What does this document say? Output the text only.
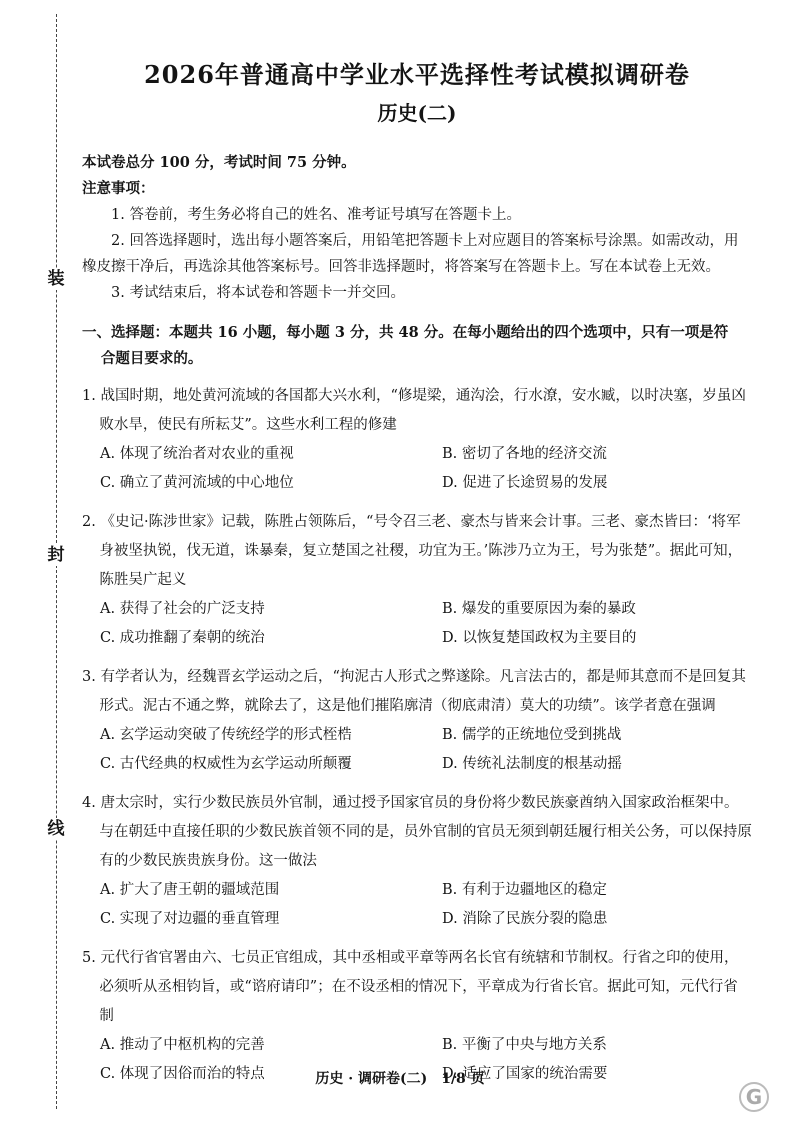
装
封
线
2026年普通高中学业水平选择性考试模拟调研卷
历史(二)
本试卷总分 100 分，考试时间 75 分钟。
注意事项：
1. 答卷前，考生务必将自己的姓名、准考证号填写在答题卡上。
2. 回答选择题时，选出每小题答案后，用铅笔把答题卡上对应题目的答案标号涂黑。如需改动，用橡皮擦干净后，再选涂其他答案标号。回答非选择题时，将答案写在答题卡上。写在本试卷上无效。
3. 考试结束后，将本试卷和答题卡一并交回。
一、选择题：本题共 16 小题，每小题 3 分，共 48 分。在每小题给出的四个选项中，只有一项是符
合题目要求的。
1. 战国时期，地处黄河流域的各国都大兴水利，“修堤梁，通沟浍，行水潦，安水臧，以时决塞，岁虽凶败水旱，使民有所耘艾”。这些水利工程的修建
A. 体现了统治者对农业的重视	B. 密切了各地的经济交流
C. 确立了黄河流域的中心地位	D. 促进了长途贸易的发展
2. 《史记·陈涉世家》记载，陈胜占领陈后，“号令召三老、豪杰与皆来会计事。三老、豪杰皆曰：‘将军身被坚执锐，伐无道，诛暴秦，复立楚国之社稷，功宜为王。’陈涉乃立为王，号为张楚”。据此可知，陈胜吴广起义
A. 获得了社会的广泛支持	B. 爆发的重要原因为秦的暴政
C. 成功推翻了秦朝的统治	D. 以恢复楚国政权为主要目的
3. 有学者认为，经魏晋玄学运动之后，“拘泥古人形式之弊遂除。凡言法古的，都是师其意而不是回复其形式。泥古不通之弊，就除去了，这是他们摧陷廓清（彻底肃清）莫大的功绩”。该学者意在强调
A. 玄学运动突破了传统经学的形式桎梏	B. 儒学的正统地位受到挑战
C. 古代经典的权威性为玄学运动所颠覆	D. 传统礼法制度的根基动摇
4. 唐太宗时，实行少数民族员外官制，通过授予国家官员的身份将少数民族豪酋纳入国家政治框架中。与在朝廷中直接任职的少数民族首领不同的是，员外官制的官员无须到朝廷履行相关公务，可以保持原有的少数民族贵族身份。这一做法
A. 扩大了唐王朝的疆域范围	B. 有利于边疆地区的稳定
C. 实现了对边疆的垂直管理	D. 消除了民族分裂的隐患
5. 元代行省官署由六、七员正官组成，其中丞相或平章等两名长官有统辖和节制权。行省之印的使用，必须听从丞相钧旨，或“谘府请印”；在不设丞相的情况下，平章成为行省长官。据此可知，元代行省制
A. 推动了中枢机构的完善	B. 平衡了中央与地方关系
C. 体现了因俗而治的特点	D. 适应了国家的统治需要
历史 · 调研卷(二)　1/8 页
G
